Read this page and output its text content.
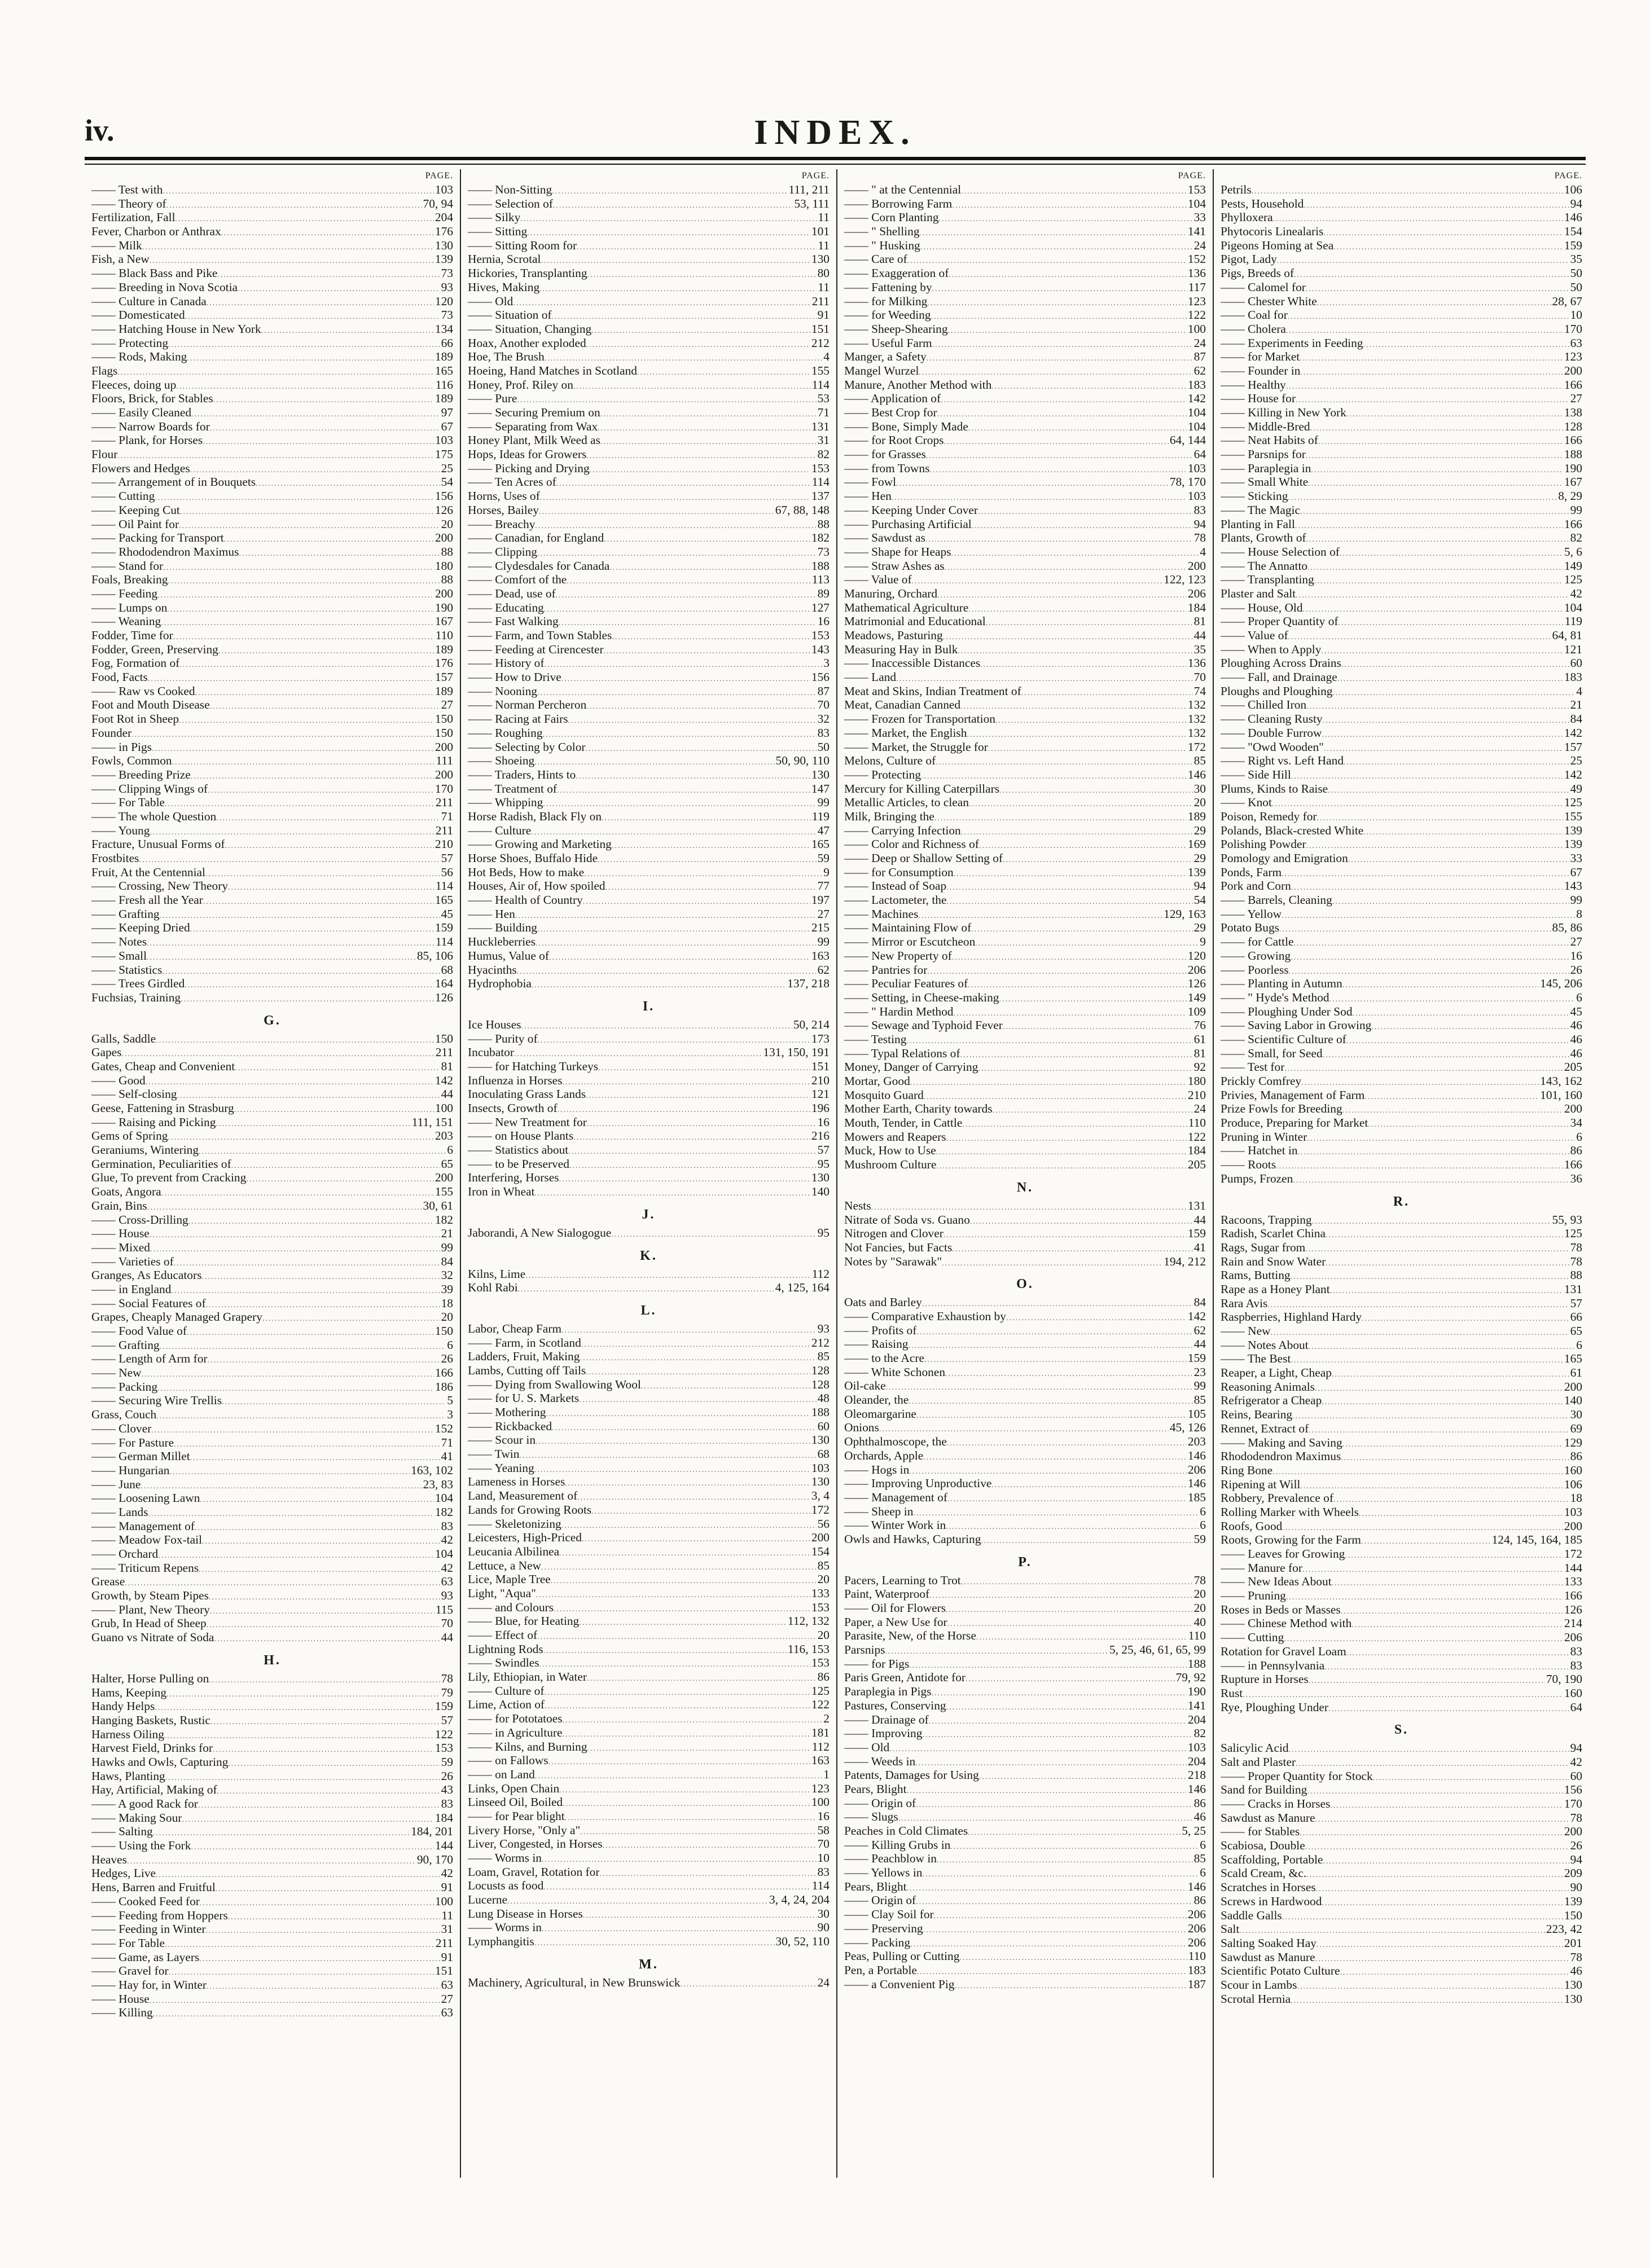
iv.	INDEX.
PAGE.
—— Test with .....	103
—— Theory of .....	70, 94
Fertilization, Fall .....	204
Fever, Charbon or Anthrax .....	176
—— Milk .....	130
Fish, a New .....	139
—— Black Bass and Pike .....	73
—— Breeding in Nova Scotia .....	93
—— Culture in Canada .....	120
—— Domesticated .....	73
—— Hatching House in New York .....	134
—— Protecting .....	66
—— Rods, Making .....	189
Flags .....	165
Fleeces, doing up .....	116
Floors, Brick, for Stables .....	189
—— Easily Cleaned .....	97
—— Narrow Boards for .....	67
—— Plank, for Horses .....	103
Flour .....	175
Flowers and Hedges .....	25
—— Arrangement of in Bouquets .....	54
—— Cutting .....	156
—— Keeping Cut .....	126
—— Oil Paint for .....	20
—— Packing for Transport .....	200
—— Rhododendron Maximus .....	88
—— Stand for .....	180
Foals, Breaking .....	88
—— Feeding .....	200
—— Lumps on .....	190
—— Weaning .....	167
Fodder, Time for .....	110
Fodder, Green, Preserving .....	189
Fog, Formation of .....	176
Food, Facts .....	157
—— Raw vs Cooked .....	189
Foot and Mouth Disease .....	27
Foot Rot in Sheep .....	150
Founder .....	150
—— in Pigs .....	200
Fowls, Common .....	111
—— Breeding Prize .....	200
—— Clipping Wings of .....	170
—— For Table .....	211
—— The whole Question .....	71
—— Young .....	211
Fracture, Unusual Forms of .....	210
Frostbites .....	57
Fruit, At the Centennial .....	56
—— Crossing, New Theory .....	114
—— Fresh all the Year .....	165
—— Grafting .....	45
—— Keeping Dried .....	159
—— Notes .....	114
—— Small .....	85, 106
—— Statistics .....	68
—— Trees Girdled .....	164
Fuchsias, Training .....	126
G.
Galls, Saddle .....	150
Gapes .....	211
Gates, Cheap and Convenient .....	81
—— Good .....	142
—— Self-closing .....	44
Geese, Fattening in Strasburg .....	100
—— Raising and Picking .....	111, 151
Gems of Spring .....	203
Geraniums, Wintering .....	6
Germination, Peculiarities of .....	65
Glue, To prevent from Cracking .....	200
Goats, Angora .....	155
Grain, Bins .....	30, 61
—— Cross-Drilling .....	182
—— House .....	21
—— Mixed .....	99
—— Varieties of .....	84
Granges, As Educators .....	32
—— in England .....	39
—— Social Features of .....	18
Grapes, Cheaply Managed Grapery .....	20
—— Food Value of .....	150
—— Grafting .....	6
—— Length of Arm for .....	26
—— New .....	166
—— Packing .....	186
—— Securing Wire Trellis .....	5
Grass, Couch .....	3
—— Clover .....	152
—— For Pasture .....	71
—— German Millet .....	41
—— Hungarian .....	163, 102
—— June .....	23, 83
—— Loosening Lawn .....	104
—— Lands .....	182
—— Management of .....	83
—— Meadow Fox-tail .....	42
—— Orchard .....	104
—— Triticum Repens .....	42
Grease .....	63
Growth, by Steam Pipes .....	93
—— Plant, New Theory .....	115
Grub, In Head of Sheep .....	70
Guano vs Nitrate of Soda .....	44
H.
Halter, Horse Pulling on .....	78
Hams, Keeping .....	79
Handy Helps .....	159
Hanging Baskets, Rustic .....	57
Harness Oiling .....	122
Harvest Field, Drinks for .....	153
Hawks and Owls, Capturing .....	59
Haws, Planting .....	26
Hay, Artificial, Making of .....	43
—— A good Rack for .....	83
—— Making Sour .....	184
—— Salting .....	184, 201
—— Using the Fork .....	144
Heaves .....	90, 170
Hedges, Live .....	42
Hens, Barren and Fruitful .....	91
—— Cooked Feed for .....	100
—— Feeding from Hoppers .....	11
—— Feeding in Winter .....	31
—— For Table .....	211
—— Game, as Layers .....	91
—— Gravel for .....	151
—— Hay for, in Winter .....	63
—— House .....	27
—— Killing .....	63
PAGE.
—— Non-Sitting .....	111, 211
—— Selection of .....	53, 111
—— Silky .....	11
—— Sitting .....	101
—— Sitting Room for .....	11
Hernia, Scrotal .....	130
Hickories, Transplanting .....	80
Hives, Making .....	11
—— Old .....	211
—— Situation of .....	91
—— Situation, Changing .....	151
Hoax, Another exploded .....	212
Hoe, The Brush .....	4
Hoeing, Hand Matches in Scotland .....	155
Honey, Prof. Riley on .....	114
—— Pure .....	53
—— Securing Premium on .....	71
—— Separating from Wax .....	131
Honey Plant, Milk Weed as .....	31
Hops, Ideas for Growers .....	82
—— Picking and Drying .....	153
—— Ten Acres of .....	114
Horns, Uses of .....	137
Horses, Bailey .....	67, 88, 148
—— Breachy .....	88
—— Canadian, for England .....	182
—— Clipping .....	73
—— Clydesdales for Canada .....	188
—— Comfort of the .....	113
—— Dead, use of .....	89
—— Educating .....	127
—— Fast Walking .....	16
—— Farm, and Town Stables .....	153
—— Feeding at Cirencester .....	143
—— History of .....	3
—— How to Drive .....	156
—— Nooning .....	87
—— Norman Percheron .....	70
—— Racing at Fairs .....	32
—— Roughing .....	83
—— Selecting by Color .....	50
—— Shoeing .....	50, 90, 110
—— Traders, Hints to .....	130
—— Treatment of .....	147
—— Whipping .....	99
Horse Radish, Black Fly on .....	119
—— Culture .....	47
—— Growing and Marketing .....	165
Horse Shoes, Buffalo Hide .....	59
Hot Beds, How to make .....	9
Houses, Air of, How spoiled .....	77
—— Health of Country .....	197
—— Hen .....	27
—— Building .....	215
Huckleberries .....	99
Humus, Value of .....	163
Hyacinths .....	62
Hydrophobia .....	137, 218
I.
Ice Houses .....	50, 214
—— Purity of .....	173
Incubator .....	131, 150, 191
—— for Hatching Turkeys .....	151
Influenza in Horses .....	210
Inoculating Grass Lands .....	121
Insects, Growth of .....	196
—— New Treatment for .....	16
—— on House Plants .....	216
—— Statistics about .....	57
—— to be Preserved .....	95
Interfering, Horses .....	130
Iron in Wheat .....	140
J.
Jaborandi, A New Sialogogue .....	95
K.
Kilns, Lime .....	112
Kohl Rabi .....	4, 125, 164
L.
Labor, Cheap Farm .....	93
—— Farm, in Scotland .....	212
Ladders, Fruit, Making .....	85
Lambs, Cutting off Tails .....	128
—— Dying from Swallowing Wool .....	128
—— for U. S. Markets .....	48
—— Mothering .....	188
—— Rickbacked .....	60
—— Scour in .....	130
—— Twin .....	68
—— Yeaning .....	103
Lameness in Horses .....	130
Land, Measurement of .....	3, 4
Lands for Growing Roots .....	172
—— Skeletonizing .....	56
Leicesters, High-Priced .....	200
Leucania Albilinea .....	154
Lettuce, a New .....	85
Lice, Maple Tree .....	20
Light, "Aqua" .....	133
—— and Colours .....	153
—— Blue, for Heating .....	112, 132
—— Effect of .....	20
Lightning Rods .....	116, 153
—— Swindles .....	153
Lily, Ethiopian, in Water .....	86
—— Culture of .....	125
Lime, Action of .....	122
—— for Pototatoes .....	2
—— in Agriculture .....	181
—— Kilns, and Burning .....	112
—— on Fallows .....	163
—— on Land .....	1
Links, Open Chain .....	123
Linseed Oil, Boiled .....	100
—— for Pear blight .....	16
Livery Horse, "Only a" .....	58
Liver, Congested, in Horses .....	70
—— Worms in .....	10
Loam, Gravel, Rotation for .....	83
Locusts as food .....	114
Lucerne .....	3, 4, 24, 204
Lung Disease in Horses .....	30
—— Worms in .....	90
Lymphangitis .....	30, 52, 110
M.
Machinery, Agricultural, in New Brunswick .....	24
PAGE.
—— " at the Centennial .....	153
—— Borrowing Farm .....	104
—— Corn Planting .....	33
—— " Shelling .....	141
—— " Husking .....	24
—— Care of .....	152
—— Exaggeration of .....	136
—— Fattening by .....	117
—— for Milking .....	123
—— for Weeding .....	122
—— Sheep-Shearing .....	100
—— Useful Farm .....	24
Manger, a Safety .....	87
Mangel Wurzel .....	62
Manure, Another Method with .....	183
—— Application of .....	142
—— Best Crop for .....	104
—— Bone, Simply Made .....	104
—— for Root Crops .....	64, 144
—— for Grasses .....	64
—— from Towns .....	103
—— Fowl .....	78, 170
—— Hen .....	103
—— Keeping Under Cover .....	83
—— Purchasing Artificial .....	94
—— Sawdust as .....	78
—— Shape for Heaps .....	4
—— Straw Ashes as .....	200
—— Value of .....	122, 123
Manuring, Orchard .....	206
Mathematical Agriculture .....	184
Matrimonial and Educational .....	81
Meadows, Pasturing .....	44
Measuring Hay in Bulk .....	35
—— Inaccessible Distances .....	136
—— Land .....	70
Meat and Skins, Indian Treatment of .....	74
Meat, Canadian Canned .....	132
—— Frozen for Transportation .....	132
—— Market, the English .....	132
—— Market, the Struggle for .....	172
Melons, Culture of .....	85
—— Protecting .....	146
Mercury for Killing Caterpillars .....	30
Metallic Articles, to clean .....	20
Milk, Bringing the .....	189
—— Carrying Infection .....	29
—— Color and Richness of .....	169
—— Deep or Shallow Setting of .....	29
—— for Consumption .....	139
—— Instead of Soap .....	94
—— Lactometer, the .....	54
—— Machines .....	129, 163
—— Maintaining Flow of .....	29
—— Mirror or Escutcheon .....	9
—— New Property of .....	120
—— Pantries for .....	206
—— Peculiar Features of .....	126
—— Setting, in Cheese-making .....	149
—— " Hardin Method .....	109
—— Sewage and Typhoid Fever .....	76
—— Testing .....	61
—— Typal Relations of .....	81
Money, Danger of Carrying .....	92
Mortar, Good .....	180
Mosquito Guard .....	210
Mother Earth, Charity towards .....	24
Mouth, Tender, in Cattle .....	110
Mowers and Reapers .....	122
Muck, How to Use .....	184
Mushroom Culture .....	205
N.
Nests .....	131
Nitrate of Soda vs. Guano .....	44
Nitrogen and Clover .....	159
Not Fancies, but Facts .....	41
Notes by "Sarawak" .....	194, 212
O.
Oats and Barley .....	84
—— Comparative Exhaustion by .....	142
—— Profits of .....	62
—— Raising .....	44
—— to the Acre .....	159
—— White Schonen .....	23
Oil-cake .....	99
Oleander, the .....	85
Oleomargarine .....	105
Onions .....	45, 126
Ophthalmoscope, the .....	203
Orchards, Apple .....	146
—— Hogs in .....	206
—— Improving Unproductive .....	146
—— Management of .....	185
—— Sheep in .....	6
—— Winter Work in .....	6
Owls and Hawks, Capturing .....	59
P.
Pacers, Learning to Trot .....	78
Paint, Waterproof .....	20
—— Oil for Flowers .....	20
Paper, a New Use for .....	40
Parasite, New, of the Horse .....	110
Parsnips .....	5, 25, 46, 61, 65, 99
—— for Pigs .....	188
Paris Green, Antidote for .....	79, 92
Paraplegia in Pigs .....	190
Pastures, Conserving .....	141
—— Drainage of .....	204
—— Improving .....	82
—— Old .....	103
—— Weeds in .....	204
Patents, Damages for Using .....	218
Pears, Blight .....	146
—— Origin of .....	86
—— Slugs .....	46
Peaches in Cold Climates .....	5, 25
—— Killing Grubs in .....	6
—— Peachblow in .....	85
—— Yellows in .....	6
Pears, Blight .....	146
—— Origin of .....	86
—— Clay Soil for .....	206
—— Preserving .....	206
—— Packing .....	206
Peas, Pulling or Cutting .....	110
Pen, a Portable .....	183
—— a Convenient Pig .....	187
PAGE.
Petrils .....	106
Pests, Household .....	94
Phylloxera .....	146
Phytocoris Linealaris .....	154
Pigeons Homing at Sea .....	159
Pigot, Lady .....	35
Pigs, Breeds of .....	50
—— Calomel for .....	50
—— Chester White .....	28, 67
—— Coal for .....	10
—— Cholera .....	170
—— Experiments in Feeding .....	63
—— for Market .....	123
—— Founder in .....	200
—— Healthy .....	166
—— House for .....	27
—— Killing in New York .....	138
—— Middle-Bred .....	128
—— Neat Habits of .....	166
—— Parsnips for .....	188
—— Paraplegia in .....	190
—— Small White .....	167
—— Sticking .....	8, 29
—— The Magic .....	99
Planting in Fall .....	166
Plants, Growth of .....	82
—— House Selection of .....	5, 6
—— The Annatto .....	149
—— Transplanting .....	125
Plaster and Salt .....	42
—— House, Old .....	104
—— Proper Quantity of .....	119
—— Value of .....	64, 81
—— When to Apply .....	121
Ploughing Across Drains .....	60
—— Fall, and Drainage .....	183
Ploughs and Ploughing .....	4
—— Chilled Iron .....	21
—— Cleaning Rusty .....	84
—— Double Furrow .....	142
—— "Owd Wooden" .....	157
—— Right vs. Left Hand .....	25
—— Side Hill .....	142
Plums, Kinds to Raise .....	49
—— Knot .....	125
Poison, Remedy for .....	155
Polands, Black-crested White .....	139
Polishing Powder .....	139
Pomology and Emigration .....	33
Ponds, Farm .....	67
Pork and Corn .....	143
—— Barrels, Cleaning .....	99
—— Yellow .....	8
Potato Bugs .....	85, 86
—— for Cattle .....	27
—— Growing .....	16
—— Poorless .....	26
—— Planting in Autumn .....	145, 206
—— " Hyde's Method .....	6
—— Ploughing Under Sod .....	45
—— Saving Labor in Growing .....	46
—— Scientific Culture of .....	46
—— Small, for Seed .....	46
—— Test for .....	205
Prickly Comfrey .....	143, 162
Privies, Management of Farm .....	101, 160
Prize Fowls for Breeding .....	200
Produce, Preparing for Market .....	34
Pruning in Winter .....	6
—— Hatchet in .....	86
—— Roots .....	166
Pumps, Frozen .....	36
R.
Racoons, Trapping .....	55, 93
Radish, Scarlet China .....	125
Rags, Sugar from .....	78
Rain and Snow Water .....	78
Rams, Butting .....	88
Rape as a Honey Plant .....	131
Rara Avis .....	57
Raspberries, Highland Hardy .....	66
—— New .....	65
—— Notes About .....	6
—— The Best .....	165
Reaper, a Light, Cheap .....	61
Reasoning Animals .....	200
Refrigerator a Cheap .....	140
Reins, Bearing .....	30
Rennet, Extract of .....	69
—— Making and Saving .....	129
Rhododendron Maximus .....	86
Ring Bone .....	160
Ripening at Will .....	106
Robbery, Prevalence of .....	18
Rolling Marker with Wheels .....	103
Roofs, Good .....	200
Roots, Growing for the Farm .....	124, 145, 164, 185
—— Leaves for Growing .....	172
—— Manure for .....	144
—— New Ideas About .....	133
—— Pruning .....	166
Roses in Beds or Masses .....	126
—— Chinese Method with .....	214
—— Cutting .....	206
Rotation for Gravel Loam .....	83
—— in Pennsylvania .....	83
Rupture in Horses .....	70, 190
Rust .....	160
Rye, Ploughing Under .....	64
S.
Salicylic Acid .....	94
Salt and Plaster .....	42
—— Proper Quantity for Stock .....	60
Sand for Building .....	156
—— Cracks in Horses .....	170
Sawdust as Manure .....	78
—— for Stables .....	200
Scabiosa, Double .....	26
Scaffolding, Portable .....	94
Scald Cream, &c. .....	209
Scratches in Horses .....	90
Screws in Hardwood .....	139
Saddle Galls .....	150
Salt .....	223, 42
Salting Soaked Hay .....	201
Sawdust as Manure .....	78
Scientific Potato Culture .....	46
Scour in Lambs .....	130
Scrotal Hernia .....	130
